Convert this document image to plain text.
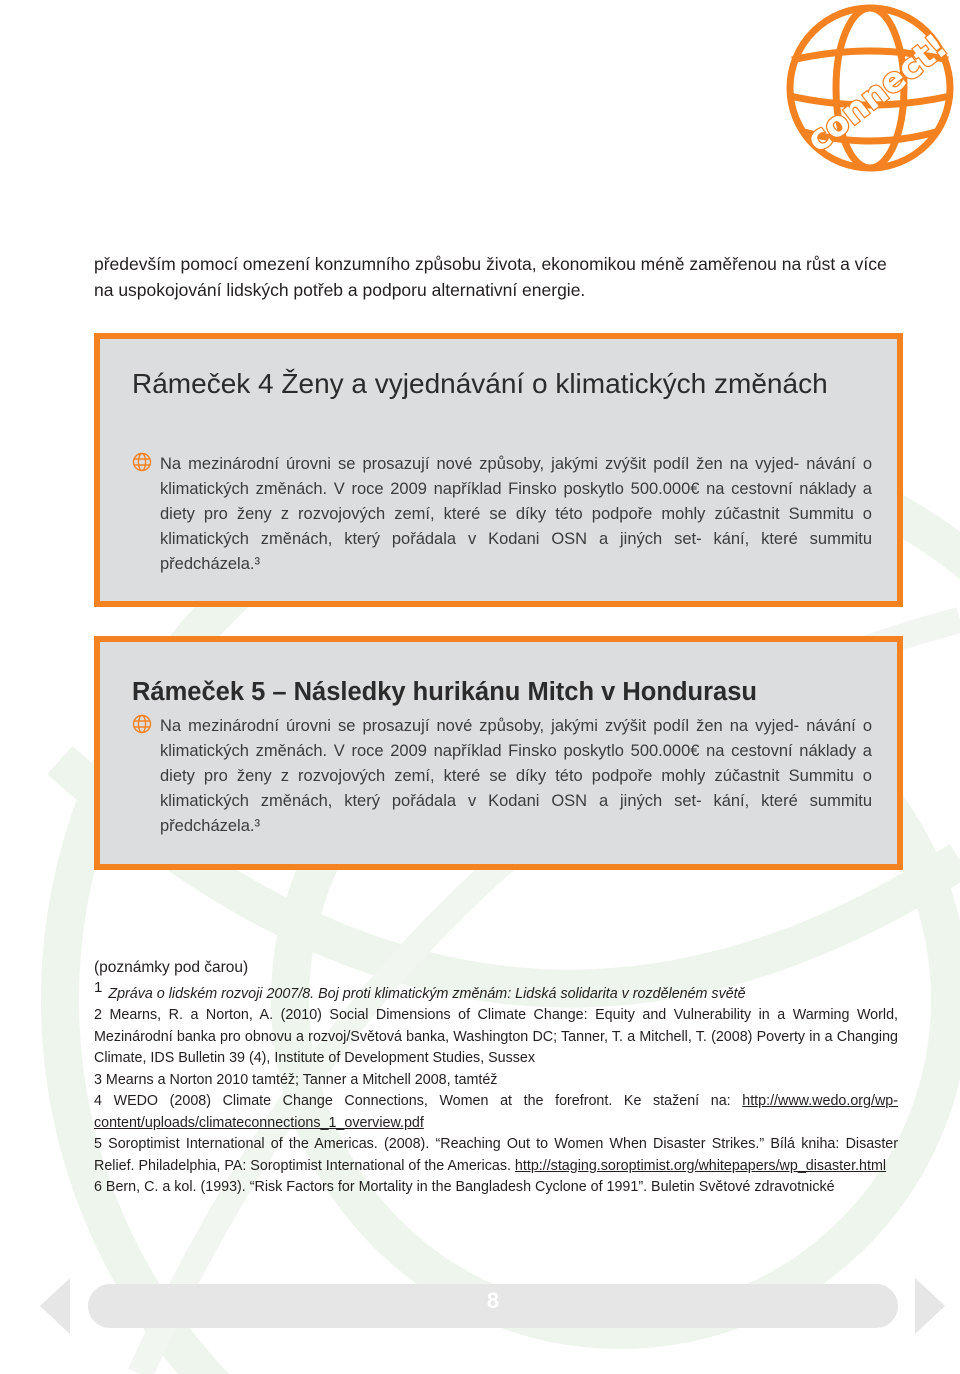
connect!

především pomocí omezení konzumního způsobu života, ekonomikou méně zaměřenou na růst a více na uspokojování lidských potřeb a podporu alternativní energie.

Rámeček 4 Ženy a vyjednávání o klimatických změnách

Na mezinárodní úrovni se prosazují nové způsoby, jakými zvýšit podíl žen na vyjed- návání o klimatických změnách. V roce 2009 například Finsko poskytlo 500.000€ na cestovní náklady a diety pro ženy z rozvojových zemí, které se díky této podpoře mohly zúčastnit Summitu o klimatických změnách, který pořádala v Kodani OSN a jiných set- kání, které summitu předcházela.³

Rámeček 5 – Následky hurikánu Mitch v Hondurasu

Na mezinárodní úrovni se prosazují nové způsoby, jakými zvýšit podíl žen na vyjed- návání o klimatických změnách. V roce 2009 například Finsko poskytlo 500.000€ na cestovní náklady a diety pro ženy z rozvojových zemí, které se díky této podpoře mohly zúčastnit Summitu o klimatických změnách, který pořádala v Kodani OSN a jiných set- kání, které summitu předcházela.³

(poznámky pod čarou)

1 Zpráva o lidském rozvoji 2007/8. Boj proti klimatickým změnám: Lidská solidarita v rozděleném světě

2 Mearns, R. a Norton, A. (2010) Social Dimensions of Climate Change: Equity and Vulnerability in a Warming World, Mezinárodní banka pro obnovu a rozvoj/Světová banka, Washington DC; Tanner, T. a Mitchell, T. (2008) Poverty in a Changing Climate, IDS Bulletin 39 (4), Institute of Development Studies, Sussex

3 Mearns a Norton 2010 tamtéž; Tanner a Mitchell 2008, tamtéž

4 WEDO (2008) Climate Change Connections, Women at the forefront. Ke stažení na: http://www.wedo.org/wp-content/uploads/climateconnections_1_overview.pdf

5 Soroptimist International of the Americas. (2008). “Reaching Out to Women When Disaster Strikes.” Bílá kniha: Disaster Relief. Philadelphia, PA: Soroptimist International of the Americas. http://staging.soroptimist.org/whitepapers/wp_disaster.html

6 Bern, C. a kol. (1993). “Risk Factors for Mortality in the Bangladesh Cyclone of 1991”. Buletin Světové zdravotnické

8
